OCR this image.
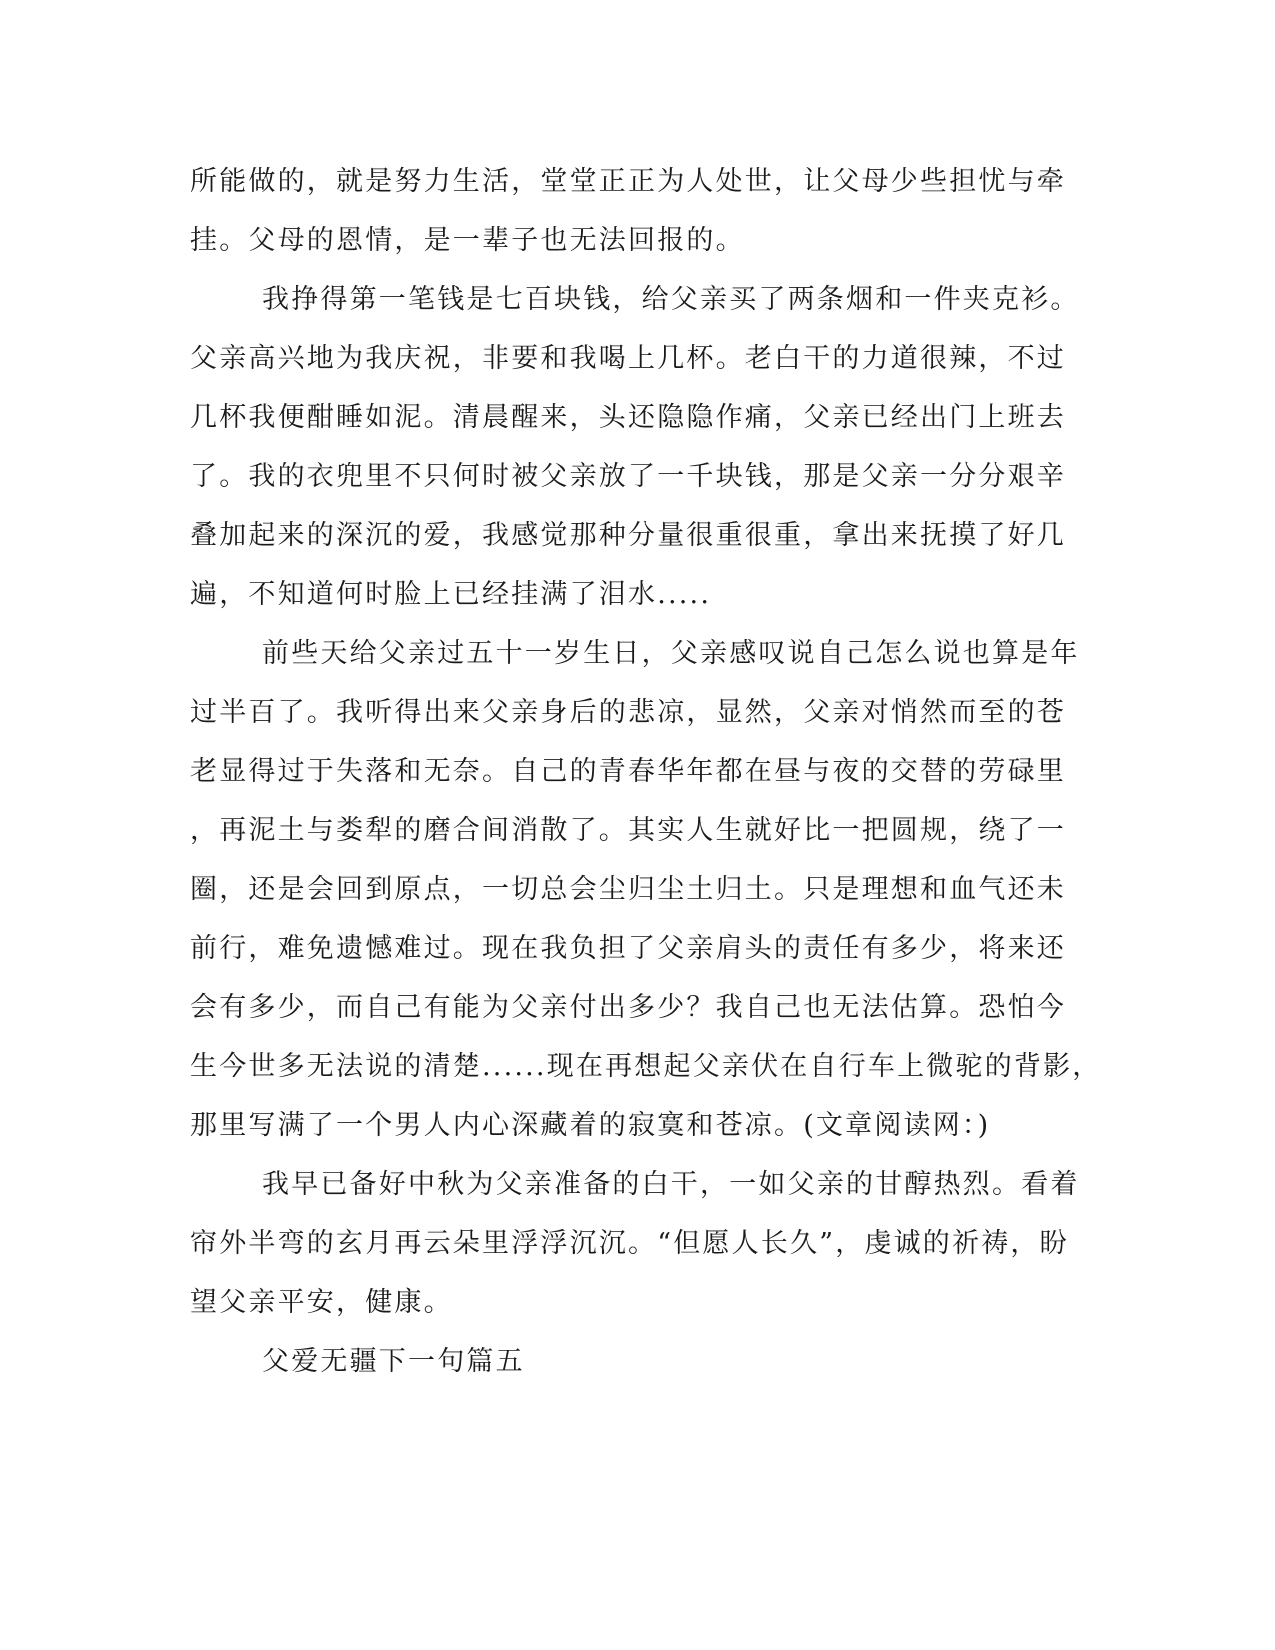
所能做的，就是努力生活，堂堂正正为人处世，让父母少些担忧与牵
挂。父母的恩情，是一辈子也无法回报的。
我挣得第一笔钱是七百块钱，给父亲买了两条烟和一件夹克衫。
父亲高兴地为我庆祝，非要和我喝上几杯。老白干的力道很辣，不过
几杯我便酣睡如泥。清晨醒来，头还隐隐作痛，父亲已经出门上班去
了。我的衣兜里不只何时被父亲放了一千块钱，那是父亲一分分艰辛
叠加起来的深沉的爱，我感觉那种分量很重很重，拿出来抚摸了好几
遍，不知道何时脸上已经挂满了泪水.....
前些天给父亲过五十一岁生日，父亲感叹说自己怎么说也算是年
过半百了。我听得出来父亲身后的悲凉，显然，父亲对悄然而至的苍
老显得过于失落和无奈。自己的青春华年都在昼与夜的交替的劳碌里
，再泥土与娄犁的磨合间消散了。其实人生就好比一把圆规，绕了一
圈，还是会回到原点，一切总会尘归尘土归土。只是理想和血气还未
前行，难免遗憾难过。现在我负担了父亲肩头的责任有多少，将来还
会有多少，而自己有能为父亲付出多少？我自己也无法估算。恐怕今
生今世多无法说的清楚......现在再想起父亲伏在自行车上微驼的背影，
那里写满了一个男人内心深藏着的寂寞和苍凉。(文章阅读网：)
我早已备好中秋为父亲准备的白干，一如父亲的甘醇热烈。看着
帘外半弯的玄月再云朵里浮浮沉沉。“但愿人长久”，虔诚的祈祷，盼
望父亲平安，健康。
父爱无疆下一句篇五
